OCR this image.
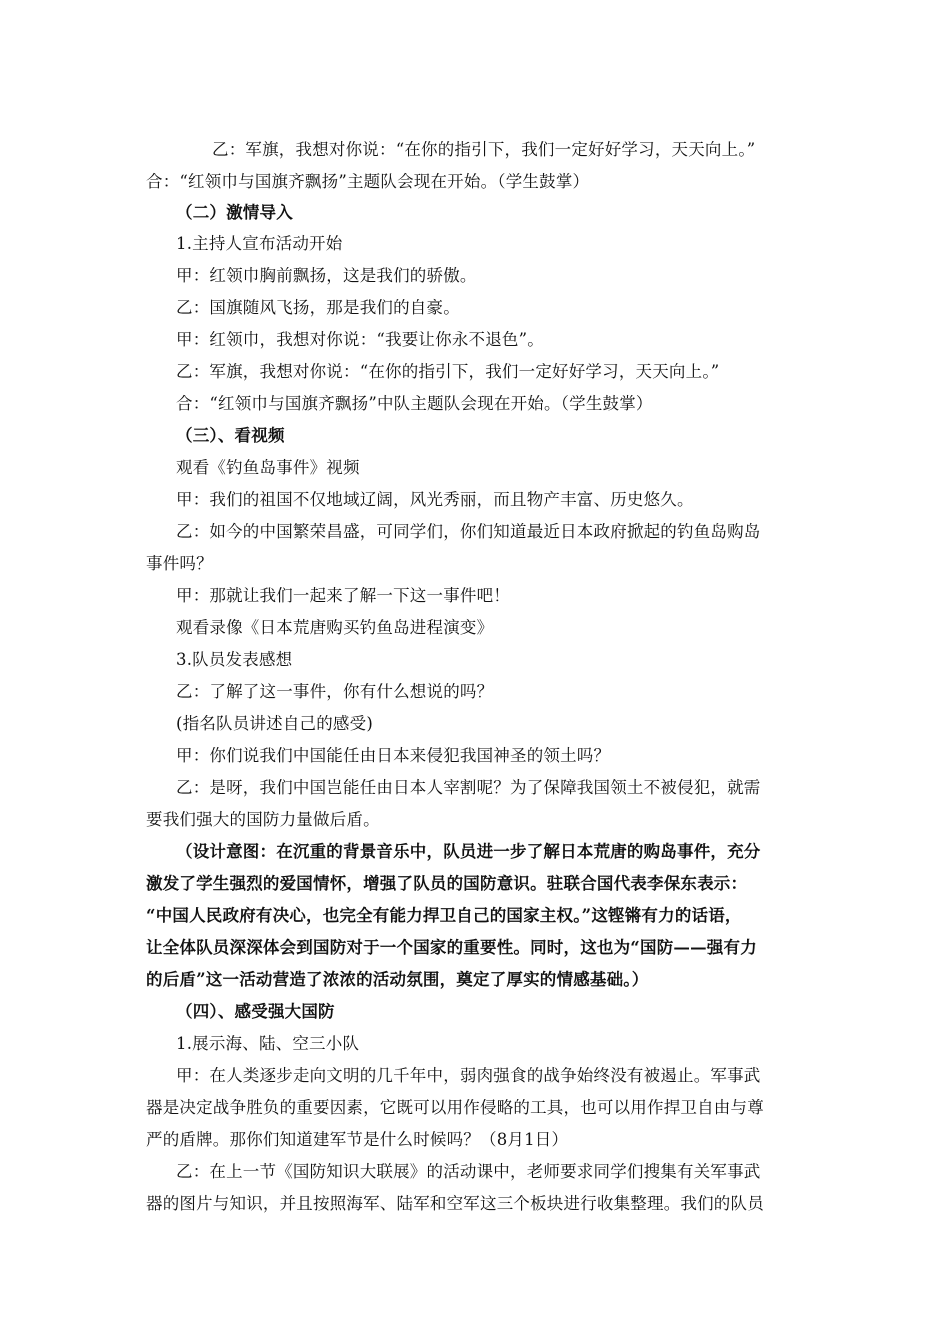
乙：军旗，我想对你说：“在你的指引下，我们一定好好学习，天天向上。”
合：“红领巾与国旗齐飘扬”主题队会现在开始。（学生鼓掌）
（二）激情导入
1.主持人宣布活动开始
甲：红领巾胸前飘扬，这是我们的骄傲。
乙：国旗随风飞扬，那是我们的自豪。
甲：红领巾，我想对你说：“我要让你永不退色”。
乙：军旗，我想对你说：“在你的指引下，我们一定好好学习，天天向上。”
合：“红领巾与国旗齐飘扬”中队主题队会现在开始。（学生鼓掌）
（三）、看视频
观看《钓鱼岛事件》视频
甲：我们的祖国不仅地域辽阔，风光秀丽，而且物产丰富、历史悠久。
乙：如今的中国繁荣昌盛，可同学们，你们知道最近日本政府掀起的钓鱼岛购岛
事件吗？
甲：那就让我们一起来了解一下这一事件吧！
观看录像《日本荒唐购买钓鱼岛进程演变》
3.队员发表感想
乙：了解了这一事件，你有什么想说的吗？
(指名队员讲述自己的感受)
甲：你们说我们中国能任由日本来侵犯我国神圣的领土吗？
乙：是呀，我们中国岂能任由日本人宰割呢？为了保障我国领土不被侵犯，就需
要我们强大的国防力量做后盾。
（设计意图：在沉重的背景音乐中，队员进一步了解日本荒唐的购岛事件，充分
激发了学生强烈的爱国情怀，增强了队员的国防意识。驻联合国代表李保东表示：
“中国人民政府有决心，也完全有能力捍卫自己的国家主权。”这铿锵有力的话语，
让全体队员深深体会到国防对于一个国家的重要性。同时，这也为“国防——强有力
的后盾”这一活动营造了浓浓的活动氛围，奠定了厚实的情感基础。）
（四）、感受强大国防
1.展示海、陆、空三小队
甲：在人类逐步走向文明的几千年中，弱肉强食的战争始终没有被遏止。军事武
器是决定战争胜负的重要因素，它既可以用作侵略的工具，也可以用作捍卫自由与尊
严的盾牌。那你们知道建军节是什么时候吗？（8月1日）
乙：在上一节《国防知识大联展》的活动课中，老师要求同学们搜集有关军事武
器的图片与知识，并且按照海军、陆军和空军这三个板块进行收集整理。我们的队员
